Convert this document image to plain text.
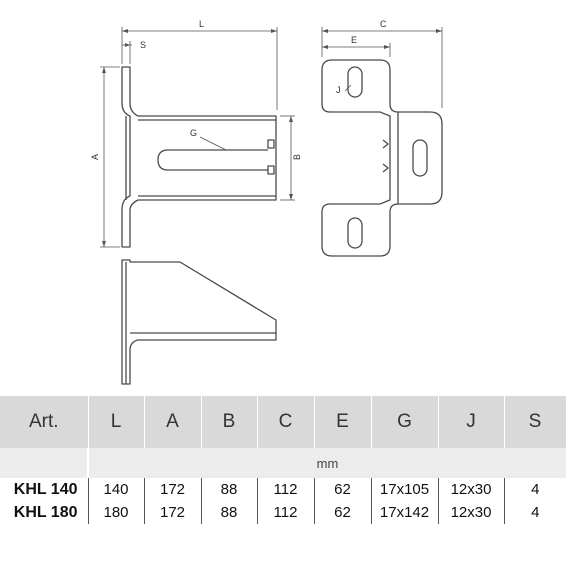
L
S
A	B
G
C
E
J
Art.	L	A	B	C	E	G	J	S
	mm							
KHL 140	140	172	88	112	62	17x105	12x30	4
KHL 180	180	172	88	112	62	17x142	12x30	4
